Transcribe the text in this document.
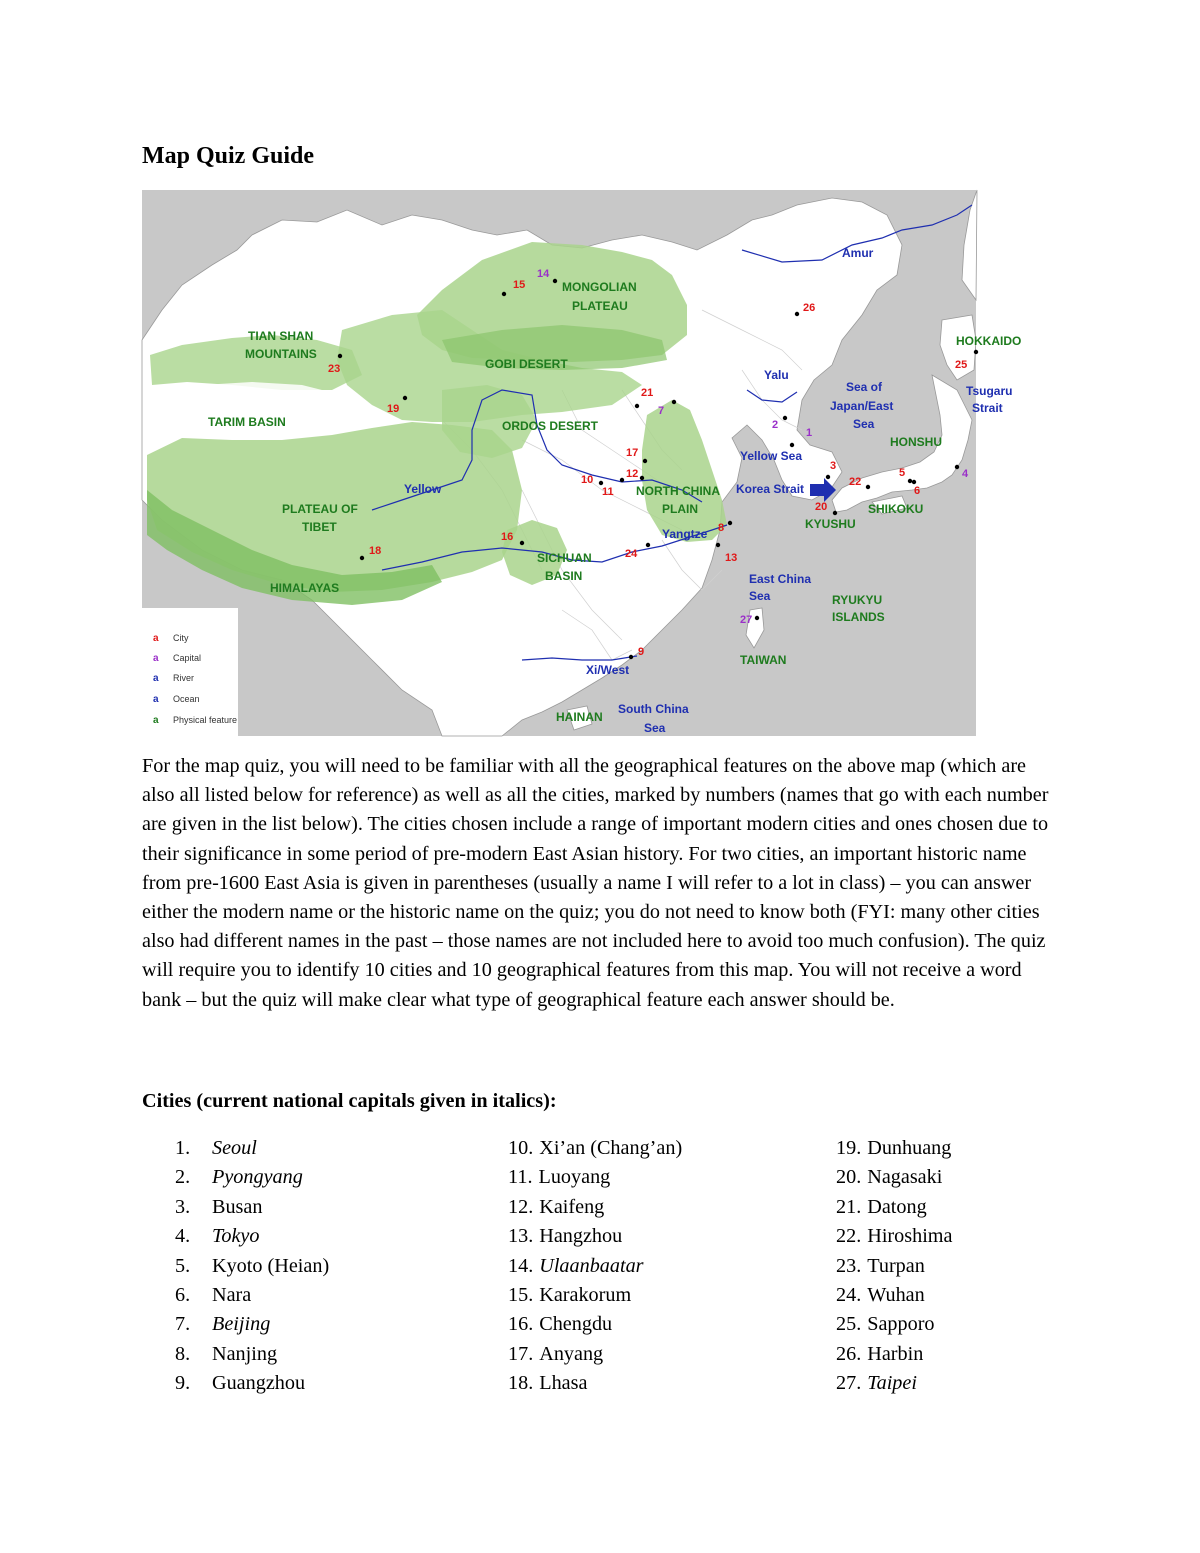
Map Quiz Guide
TIAN SHAN
MOUNTAINS
TARIM BASIN
MONGOLIAN
PLATEAU
GOBI DESERT
ORDOS DESERT
PLATEAU OF
TIBET
HIMALAYAS
SICHUAN
BASIN
NORTH CHINA
PLAIN
HOKKAIDO
HONSHU
KYUSHU
SHIKOKU
RYUKYU
ISLANDS
TAIWAN
HAINAN
Amur
Yalu
Sea of
Japan/East
Sea
Tsugaru
Strait
Yellow Sea
Korea Strait
Yellow
Yangtze
East China
Sea
Xi/West
South China
Sea
1
2
3
4
5
6
7
8
9
10
11
12
13
14
15
16
17
18
19
20
21
22
23
24
25
26
27
a City
a Capital
a River
a Ocean
a Physical feature

For the map quiz, you will need to be familiar with all the geographical features on the above map (which are also all listed below for reference) as well as all the cities, marked by numbers (names that go with each number are given in the list below). The cities chosen include a range of important modern cities and ones chosen due to their significance in some period of pre-modern East Asian history. For two cities, an important historic name from pre-1600 East Asia is given in parentheses (usually a name I will refer to a lot in class) – you can answer either the modern name or the historic name on the quiz; you do not need to know both (FYI: many other cities also had different names in the past – those names are not included here to avoid too much confusion). The quiz will require you to identify 10 cities and 10 geographical features from this map. You will not receive a word bank – but the quiz will make clear what type of geographical feature each answer should be.

Cities (current national capitals given in italics):
1. Seoul
2. Pyongyang
3. Busan
4. Tokyo
5. Kyoto (Heian)
6. Nara
7. Beijing
8. Nanjing
9. Guangzhou
10. Xi’an (Chang’an)
11. Luoyang
12. Kaifeng
13. Hangzhou
14. Ulaanbaatar
15. Karakorum
16. Chengdu
17. Anyang
18. Lhasa
19. Dunhuang
20. Nagasaki
21. Datong
22. Hiroshima
23. Turpan
24. Wuhan
25. Sapporo
26. Harbin
27. Taipei
